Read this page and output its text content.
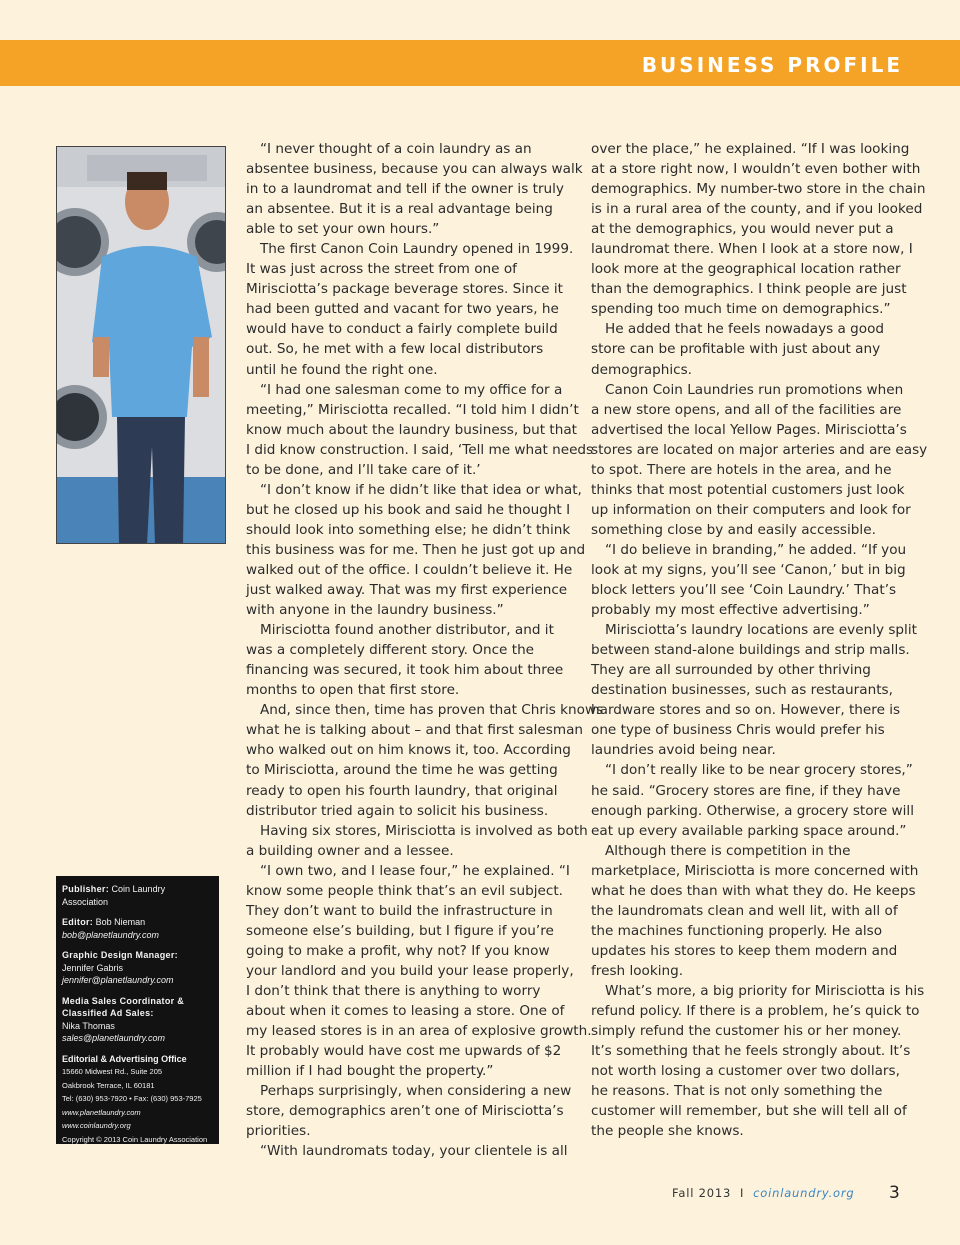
BUSINESS PROFILE
Publisher: Coin Laundry Association
Editor: Bob Nieman
bob@planetlaundry.com
Graphic Design Manager:
Jennifer Gabris
jennifer@planetlaundry.com
Media Sales Coordinator &
Classified Ad Sales:
Nika Thomas
sales@planetlaundry.com
Editorial & Advertising Office
15660 Midwest Rd., Suite 205
Oakbrook Terrace, IL 60181
Tel: (630) 953-7920 • Fax: (630) 953-7925
www.planetlaundry.com
www.coinlaundry.org
Copyright © 2013 Coin Laundry Association

“I never thought of a coin laundry as an
absentee business, because you can always walk
in to a laundromat and tell if the owner is truly
an absentee. But it is a real advantage being
able to set your own hours.”

The first Canon Coin Laundry opened in 1999.
It was just across the street from one of
Mirisciotta’s package beverage stores. Since it
had been gutted and vacant for two years, he
would have to conduct a fairly complete build
out. So, he met with a few local distributors
until he found the right one.

“I had one salesman come to my office for a
meeting,” Mirisciotta recalled. “I told him I didn’t
know much about the laundry business, but that
I did know construction. I said, ‘Tell me what needs
to be done, and I’ll take care of it.’

“I don’t know if he didn’t like that idea or what,
but he closed up his book and said he thought I
should look into something else; he didn’t think
this business was for me. Then he just got up and
walked out of the office. I couldn’t believe it. He
just walked away. That was my first experience
with anyone in the laundry business.”

Mirisciotta found another distributor, and it
was a completely different story. Once the
financing was secured, it took him about three
months to open that first store.

And, since then, time has proven that Chris knows
what he is talking about – and that first salesman
who walked out on him knows it, too. According
to Mirisciotta, around the time he was getting
ready to open his fourth laundry, that original
distributor tried again to solicit his business.

Having six stores, Mirisciotta is involved as both
a building owner and a lessee.

“I own two, and I lease four,” he explained. “I
know some people think that’s an evil subject.
They don’t want to build the infrastructure in
someone else’s building, but I figure if you’re
going to make a profit, why not? If you know
your landlord and you build your lease properly,
I don’t think that there is anything to worry
about when it comes to leasing a store. One of
my leased stores is in an area of explosive growth.
It probably would have cost me upwards of $2
million if I had bought the property.”

Perhaps surprisingly, when considering a new
store, demographics aren’t one of Mirisciotta’s
priorities.

“With laundromats today, your clientele is all

over the place,” he explained. “If I was looking
at a store right now, I wouldn’t even bother with
demographics. My number-two store in the chain
is in a rural area of the county, and if you looked
at the demographics, you would never put a
laundromat there. When I look at a store now, I
look more at the geographical location rather
than the demographics. I think people are just
spending too much time on demographics.”

He added that he feels nowadays a good
store can be profitable with just about any
demographics.

Canon Coin Laundries run promotions when
a new store opens, and all of the facilities are
advertised the local Yellow Pages. Mirisciotta’s
stores are located on major arteries and are easy
to spot. There are hotels in the area, and he
thinks that most potential customers just look
up information on their computers and look for
something close by and easily accessible.

“I do believe in branding,” he added. “If you
look at my signs, you’ll see ‘Canon,’ but in big
block letters you’ll see ‘Coin Laundry.’ That’s
probably my most effective advertising.”

Mirisciotta’s laundry locations are evenly split
between stand-alone buildings and strip malls.
They are all surrounded by other thriving
destination businesses, such as restaurants,
hardware stores and so on. However, there is
one type of business Chris would prefer his
laundries avoid being near.

“I don’t really like to be near grocery stores,”
he said. “Grocery stores are fine, if they have
enough parking. Otherwise, a grocery store will
eat up every available parking space around.”

Although there is competition in the
marketplace, Mirisciotta is more concerned with
what he does than with what they do. He keeps
the laundromats clean and well lit, with all of
the machines functioning properly. He also
updates his stores to keep them modern and
fresh looking.

What’s more, a big priority for Mirisciotta is his
refund policy. If there is a problem, he’s quick to
simply refund the customer his or her money.
It’s something that he feels strongly about. It’s
not worth losing a customer over two dollars,
he reasons. That is not only something the
customer will remember, but she will tell all of
the people she knows.

Fall 2013 I coinlaundry.org 3
